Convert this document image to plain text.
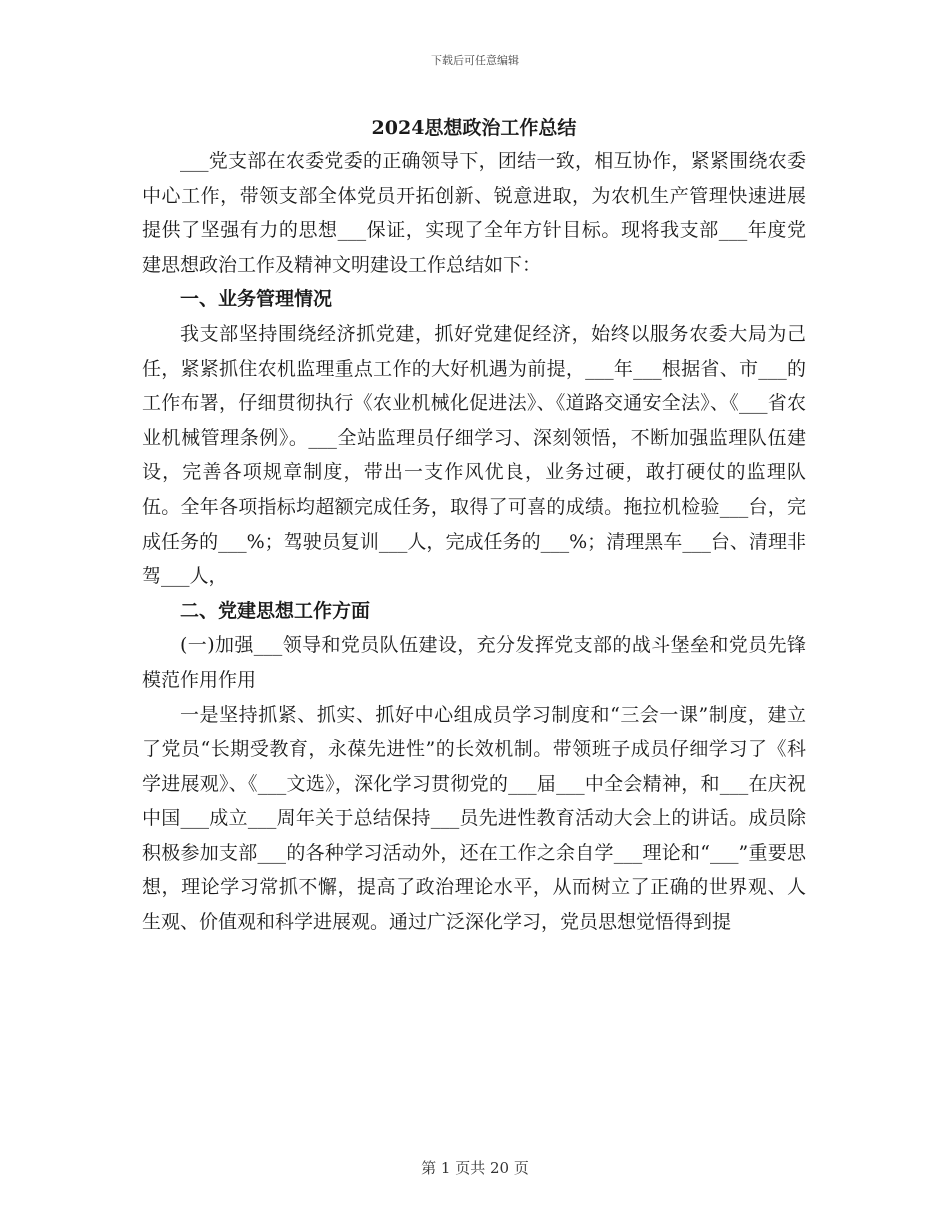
下载后可任意编辑
2024思想政治工作总结

___党支部在农委党委的正确领导下，团结一致，相互协作，紧紧围绕农委中心工作，带领支部全体党员开拓创新、锐意进取，为农机生产管理快速进展提供了坚强有力的思想___保证，实现了全年方针目标。现将我支部___年度党建思想政治工作及精神文明建设工作总结如下：

一、业务管理情况

我支部坚持围绕经济抓党建，抓好党建促经济，始终以服务农委大局为己任，紧紧抓住农机监理重点工作的大好机遇为前提，___年___根据省、市___的工作布署，仔细贯彻执行《农业机械化促进法》、《道路交通安全法》、《___省农业机械管理条例》。___全站监理员仔细学习、深刻领悟，不断加强监理队伍建设，完善各项规章制度，带出一支作风优良，业务过硬，敢打硬仗的监理队伍。全年各项指标均超额完成任务，取得了可喜的成绩。拖拉机检验___台，完成任务的___%；驾驶员复训___人，完成任务的___%；清理黑车___台、清理非驾___人，

二、党建思想工作方面

(一)加强___领导和党员队伍建设，充分发挥党支部的战斗堡垒和党员先锋模范作用作用

一是坚持抓紧、抓实、抓好中心组成员学习制度和“三会一课”制度，建立了党员“长期受教育，永葆先进性”的长效机制。带领班子成员仔细学习了《科学进展观》、《___文选》，深化学习贯彻党的___届___中全会精神，和___在庆祝中国___成立___周年关于总结保持___员先进性教育活动大会上的讲话。成员除积极参加支部___的各种学习活动外，还在工作之余自学___理论和“___”重要思想，理论学习常抓不懈，提高了政治理论水平，从而树立了正确的世界观、人生观、价值观和科学进展观。通过广泛深化学习，党员思想觉悟得到提

第 1 页共 20 页
